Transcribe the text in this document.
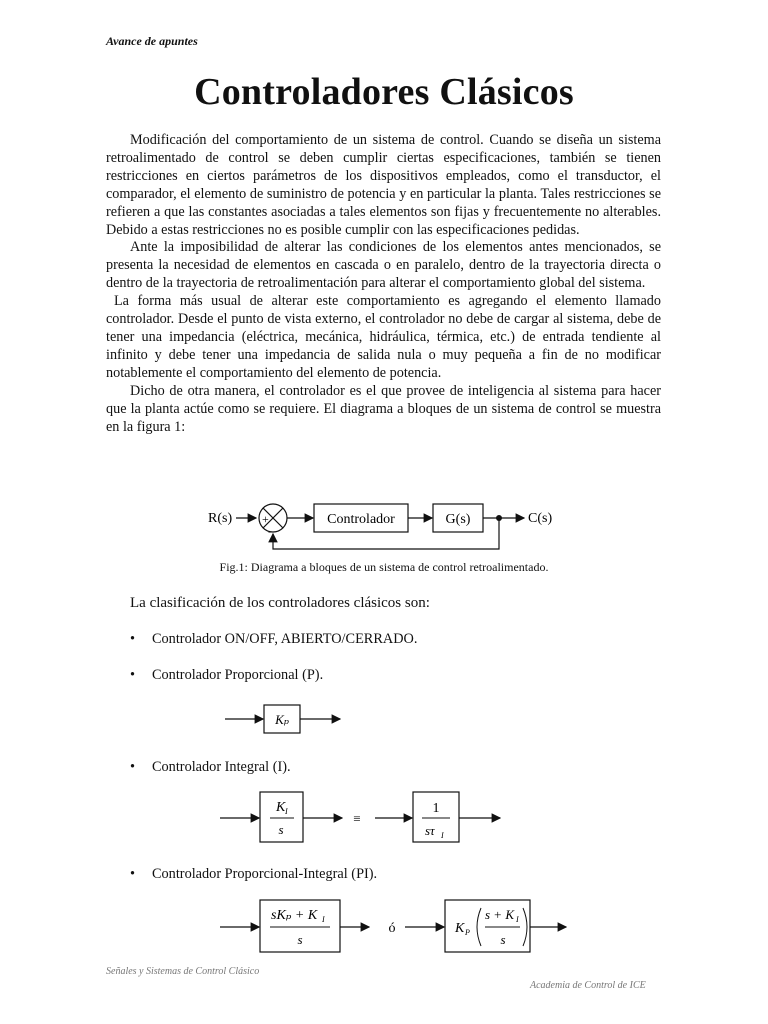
Avance de apuntes
Controladores Clásicos

Modificación del comportamiento de un sistema de control. Cuando se diseña un sistema retroalimentado de control se deben cumplir ciertas especificaciones, también se tienen restricciones en ciertos parámetros de los dispositivos empleados, como el transductor, el comparador, el elemento de suministro de potencia y en particular la planta. Tales restricciones se refieren a que las constantes asociadas a tales elementos son fijas y frecuentemente no alterables. Debido a estas restricciones no es posible cumplir con las especificaciones pedidas.

Ante la imposibilidad de alterar las condiciones de los elementos antes mencionados, se presenta la necesidad de elementos en cascada o en paralelo, dentro de la trayectoria directa o dentro de la trayectoria de retroalimentación para alterar el comportamiento global del sistema.

La forma más usual de alterar este comportamiento es agregando el elemento llamado controlador. Desde el punto de vista externo, el controlador no debe de cargar al sistema, debe de tener una impedancia (eléctrica, mecánica, hidráulica, térmica, etc.) de entrada tendiente al infinito y debe tener una impedancia de salida nula o muy pequeña a fin de no modificar notablemente el comportamiento del elemento de potencia.

Dicho de otra manera, el controlador es el que provee de inteligencia al sistema para hacer que la planta actúe como se requiere. El diagrama a bloques de un sistema de control se muestra en la figura 1:

R(s) +
-
Controlador	G(s)	C(s)
Fig.1: Diagrama a bloques de un sistema de control retroalimentado.
La clasificación de los controladores clásicos son:
• Controlador ON/OFF, ABIERTO/CERRADO.
• Controlador Proporcional (P).
Kₚ
• Controlador Integral (I).
K I
s
≡
1
sτ I
• Controlador Proporcional-Integral (PI).
sKₚ + K I
s
ó	K P
s + K I
s
Señales y Sistemas de Control Clásico
Academia de Control de ICE
